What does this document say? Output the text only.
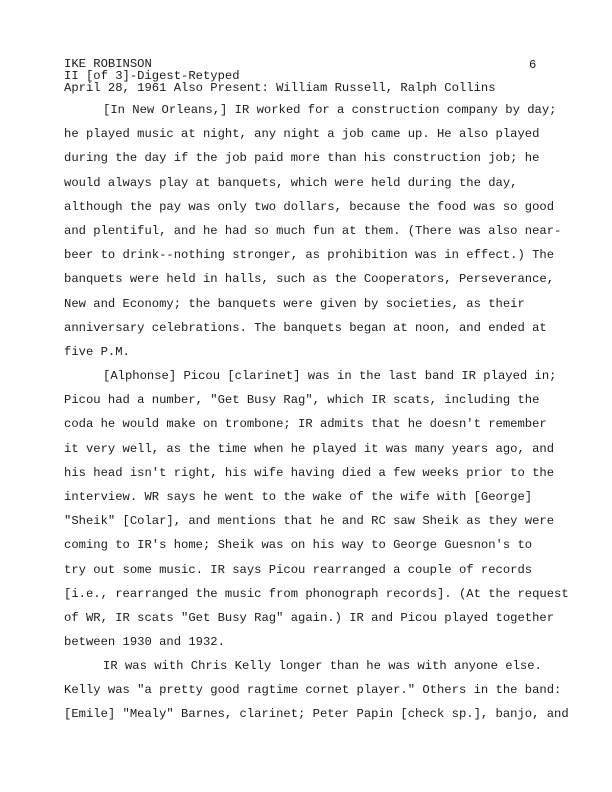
IKE ROBINSON	6
II [of 3]-Digest-Retyped
April 28, 1961 Also Present: William Russell, Ralph Collins
[In New Orleans,] IR worked for a construction company by day;
he played music at night, any night a job came up. He also played
during the day if the job paid more than his construction job; he
would always play at banquets, which were held during the day,
although the pay was only two dollars, because the food was so good
and plentiful, and he had so much fun at them. (There was also near-
beer to drink--nothing stronger, as prohibition was in effect.) The
banquets were held in halls, such as the Cooperators, Perseverance,
New and Economy; the banquets were given by societies, as their
anniversary celebrations. The banquets began at noon, and ended at
five P.M.
[Alphonse] Picou [clarinet] was in the last band IR played in;
Picou had a number, "Get Busy Rag", which IR scats, including the
coda he would make on trombone; IR admits that he doesn't remember
it very well, as the time when he played it was many years ago, and
his head isn't right, his wife having died a few weeks prior to the
interview. WR says he went to the wake of the wife with [George]
"Sheik" [Colar], and mentions that he and RC saw Sheik as they were
coming to IR's home; Sheik was on his way to George Guesnon's to
try out some music. IR says Picou rearranged a couple of records
[i.e., rearranged the music from phonograph records]. (At the request
of WR, IR scats "Get Busy Rag" again.) IR and Picou played together
between 1930 and 1932.
IR was with Chris Kelly longer than he was with anyone else.
Kelly was "a pretty good ragtime cornet player." Others in the band:
[Emile] "Mealy" Barnes, clarinet; Peter Papin [check sp.], banjo, and
